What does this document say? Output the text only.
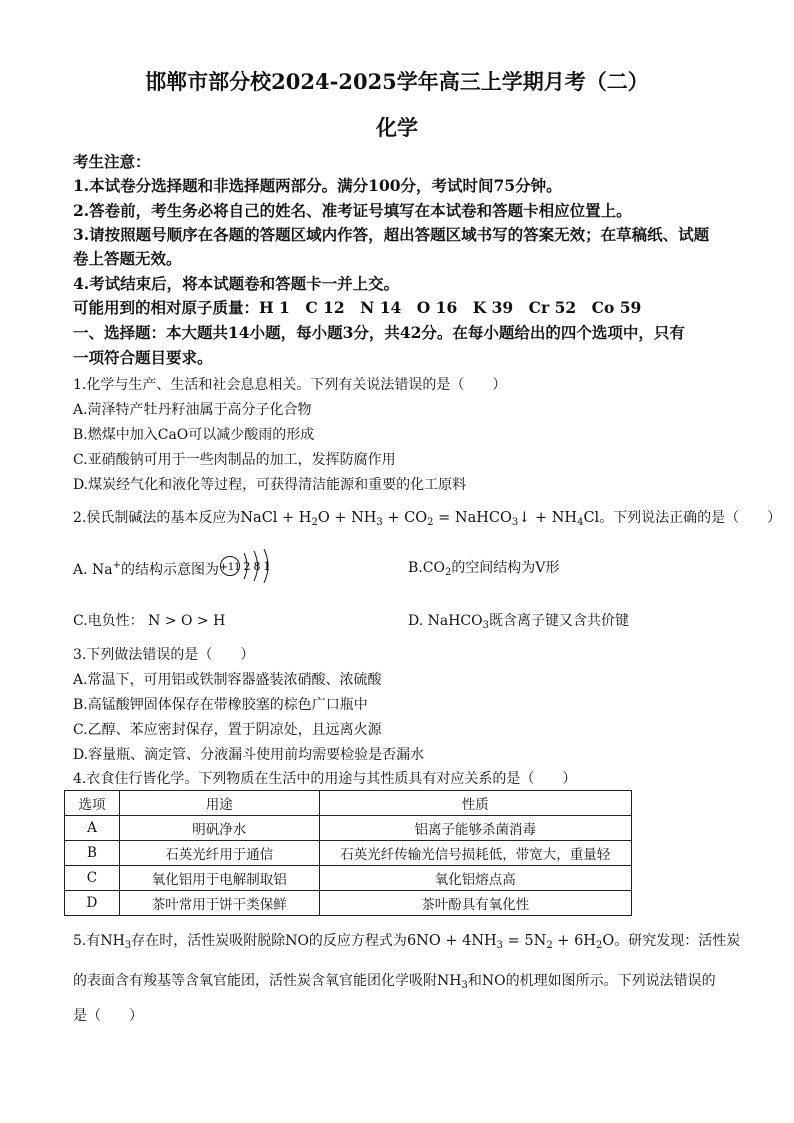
邯郸市部分校2024-2025学年高三上学期月考（二）
化学
考生注意：
1.本试卷分选择题和非选择题两部分。满分100分，考试时间75分钟。
2.答卷前，考生务必将自己的姓名、准考证号填写在本试卷和答题卡相应位置上。
3.请按照题号顺序在各题的答题区域内作答，超出答题区域书写的答案无效；在草稿纸、试题
卷上答题无效。
4.考试结束后，将本试题卷和答题卡一并上交。
可能用到的相对原子质量：H 1　C 12　N 14　O 16　K 39　Cr 52　Co 59
一、选择题：本大题共14小题，每小题3分，共42分。在每小题给出的四个选项中，只有
一项符合题目要求。
1.化学与生产、生活和社会息息相关。下列有关说法错误的是（　　）
A.菏泽特产牡丹籽油属于高分子化合物
B.燃煤中加入CaO可以减少酸雨的形成
C.亚硝酸钠可用于一些肉制品的加工，发挥防腐作用
D.煤炭经气化和液化等过程，可获得清洁能源和重要的化工原料
2.侯氏制碱法的基本反应为NaCl + $H_2O + NH_3 + CO_2$ = NaHCO$_3$↓ + $NH_4Cl$。下列说法正确的是（　　）
A. Na+的结构示意图为 +11 2 8 1	$B.CO_2$的空间结构为V形
C.电负性： N > O > H	D. NaHCO$_3$既含离子键又含共价键
3.下列做法错误的是（　　）
A.常温下，可用铝或铁制容器盛装浓硝酸、浓硫酸
B.高锰酸钾固体保存在带橡胶塞的棕色广口瓶中
C.乙醇、苯应密封保存，置于阴凉处，且远离火源
D.容量瓶、滴定管、分液漏斗使用前均需要检验是否漏水
4.衣食住行皆化学。下列物质在生活中的用途与其性质具有对应关系的是（　　）
选项	用途	性质
A	明矾净水	铝离子能够杀菌消毒
B	石英光纤用于通信	石英光纤传输光信号损耗低，带宽大，重量轻
C	氧化铝用于电解制取铝	氧化铝熔点高
D	茶叶常用于饼干类保鲜	茶叶酚具有氧化性
5.有$NH_3$存在时，活性炭吸附脱除NO的反应方程式为$6NO + 4NH_3 = 5N_2 + 6H_2O$。研究发现：活性炭
的表面含有羧基等含氧官能团，活性炭含氧官能团化学吸附$NH_3$和NO的机理如图所示。下列说法错误的
是（　　）
